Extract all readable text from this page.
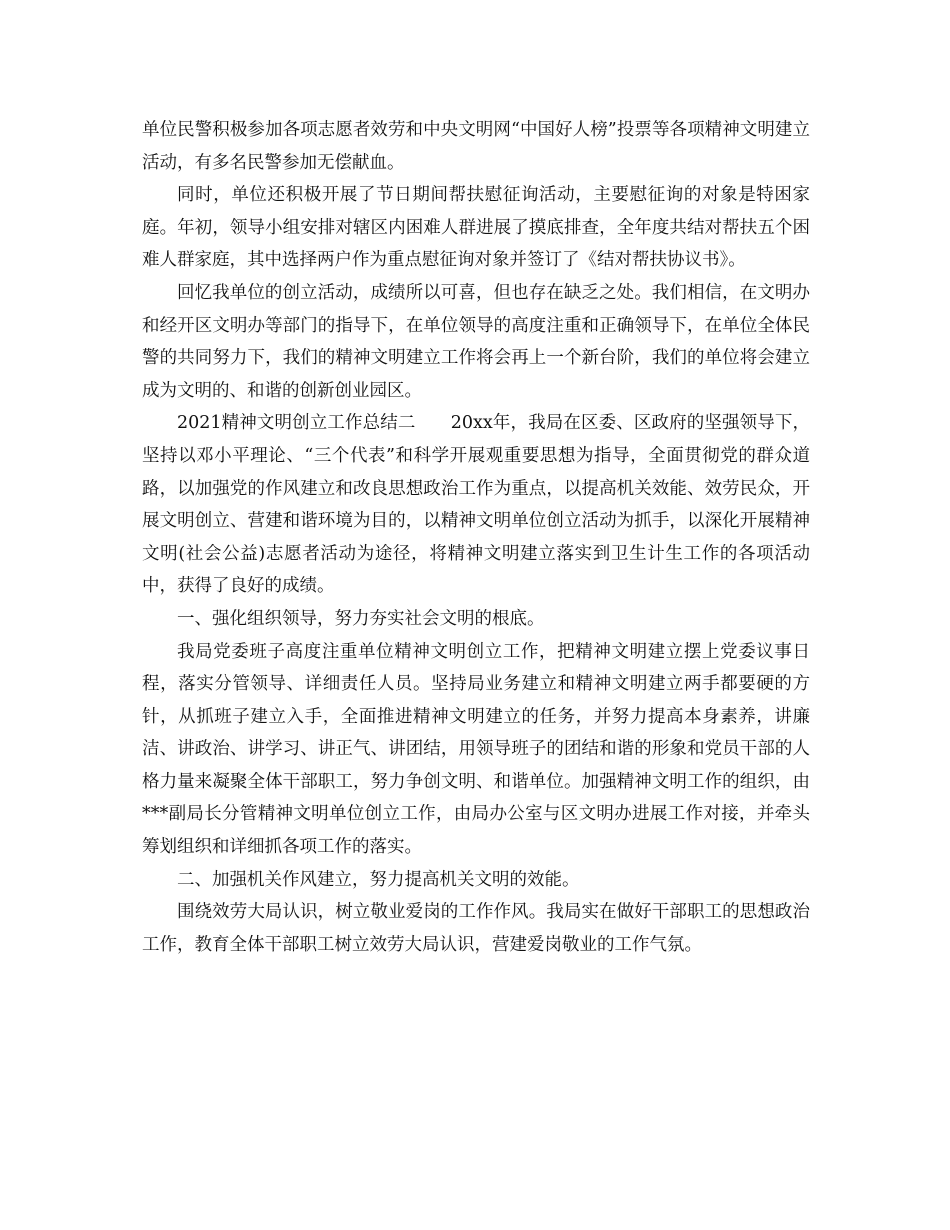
单位民警积极参加各项志愿者效劳和中央文明网“中国好人榜”投票等各项精神文明建立活动，有多名民警参加无偿献血。

同时，单位还积极开展了节日期间帮扶慰征询活动，主要慰征询的对象是特困家庭。年初，领导小组安排对辖区内困难人群进展了摸底排查，全年度共结对帮扶五个困难人群家庭，其中选择两户作为重点慰征询对象并签订了《结对帮扶协议书》。

回忆我单位的创立活动，成绩所以可喜，但也存在缺乏之处。我们相信，在文明办和经开区文明办等部门的指导下，在单位领导的高度注重和正确领导下，在单位全体民警的共同努力下，我们的精神文明建立工作将会再上一个新台阶，我们的单位将会建立成为文明的、和谐的创新创业园区。

2021精神文明创立工作总结二　　20xx年，我局在区委、区政府的坚强领导下，坚持以邓小平理论、“三个代表”和科学开展观重要思想为指导，全面贯彻党的群众道路，以加强党的作风建立和改良思想政治工作为重点，以提高机关效能、效劳民众，开展文明创立、营建和谐环境为目的，以精神文明单位创立活动为抓手，以深化开展精神文明(社会公益)志愿者活动为途径，将精神文明建立落实到卫生计生工作的各项活动中，获得了良好的成绩。

一、强化组织领导，努力夯实社会文明的根底。

我局党委班子高度注重单位精神文明创立工作，把精神文明建立摆上党委议事日程，落实分管领导、详细责任人员。坚持局业务建立和精神文明建立两手都要硬的方针，从抓班子建立入手，全面推进精神文明建立的任务，并努力提高本身素养，讲廉洁、讲政治、讲学习、讲正气、讲团结，用领导班子的团结和谐的形象和党员干部的人格力量来凝聚全体干部职工，努力争创文明、和谐单位。加强精神文明工作的组织，由***副局长分管精神文明单位创立工作，由局办公室与区文明办进展工作对接，并牵头筹划组织和详细抓各项工作的落实。

二、加强机关作风建立，努力提高机关文明的效能。

围绕效劳大局认识，树立敬业爱岗的工作作风。我局实在做好干部职工的思想政治工作，教育全体干部职工树立效劳大局认识，营建爱岗敬业的工作气氛。
